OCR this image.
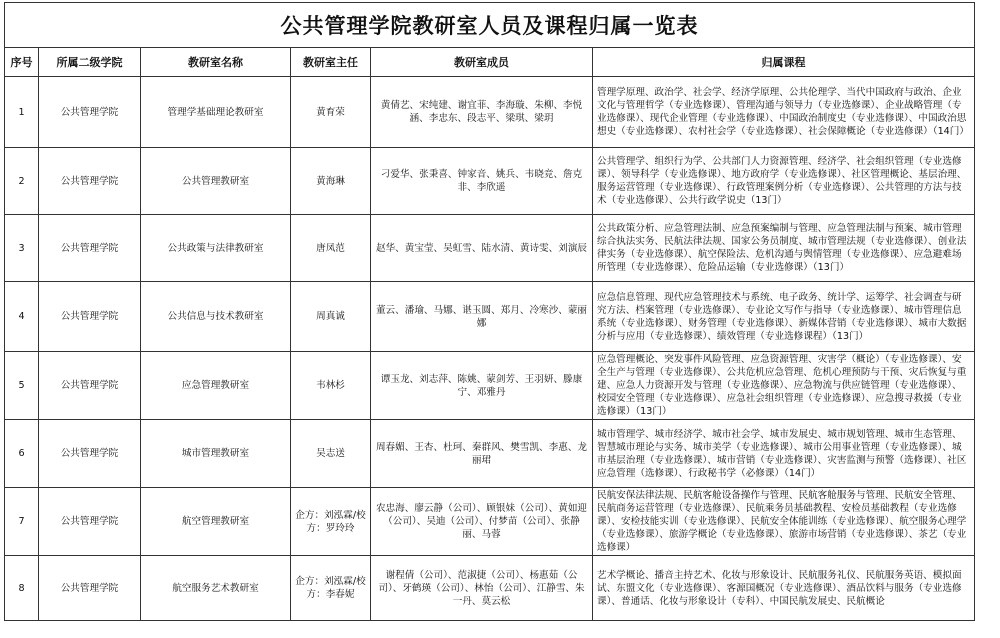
公共管理学院教研室人员及课程归属一览表					
序号	所属二级学院	教研室名称	教研室主任	教研室成员	归属课程
1	公共管理学院	管理学基础理论教研室	黄育荣	黄倩艺、宋纯建、谢宜菲、李海璇、朱柳、李悦涵、李忠东、段志平、梁琪、梁玥	管理学原理、政治学、社会学、经济学原理、公共伦理学、当代中国政府与政治、企业文化与管理哲学（专业选修课）、管理沟通与领导力（专业选修课）、企业战略管理（专业选修课）、现代企业管理（专业选修课）、中国政治制度史（专业选修课）、中国政治思想史（专业选修课）、农村社会学（专业选修课）、社会保障概论（专业选修课）（14门）
2	公共管理学院	公共管理教研室	黄海琳	刁爱华、张秉喜、钟家音、姚兵、韦晓竞、詹克非、李欣遥	公共管理学、组织行为学、公共部门人力资源管理、经济学、社会组织管理（专业选修课）、领导科学（专业选修课）、地方政府学（专业选修课）、社区管理概论、基层治理、服务运营管理（专业选修课）、行政管理案例分析（专业选修课）、公共管理的方法与技术（专业选修课）、公共行政学说史（13门）
3	公共管理学院	公共政策与法律教研室	唐凤范	赵华、黄宝莹、吴虹雪、陆水清、黄诗雯、刘演辰	公共政策分析、应急管理法制、应急预案编制与管理、应急管理法制与预案、城市管理综合执法实务、民航法律法规、国家公务员制度、城市管理法规（专业选修课）、创业法律实务（专业选修课）、航空保险法、危机沟通与舆情管理（专业选修课）、应急避难场所管理（专业选修课）、危险品运输（专业选修课）（13门）
4	公共管理学院	公共信息与技术教研室	周真诚	董云、潘瑜、马娜、谌玉圆、郑月、冷寒沙、蒙丽娜	应急信息管理、现代应急管理技术与系统、电子政务、统计学、运筹学、社会调查与研究方法、档案管理（专业选修课）、专业论文写作与指导（专业选修课）、城市管理信息系统（专业选修课）、财务管理（专业选修课）、新媒体营销（专业选修课）、城市大数据分析与应用（专业选修课）、绩效管理（专业选修课程）（13门）
5	公共管理学院	应急管理教研室	韦林杉	谭玉龙、刘志萍、陈姚、蒙剑芳、王羽妍、滕康宁、邓雅丹	应急管理概论、突发事件风险管理、应急资源管理、灾害学（概论）（专业选修课）、安全生产与管理（专业选修课）、公共危机应急管理、危机心理预防与干预、灾后恢复与重建、应急人力资源开发与管理（专业选修课）、应急物流与供应链管理（专业选修课）、校园安全管理（专业选修课）、应急社会组织管理（专业选修课）、应急搜寻救援（专业选修课）（13门）
6	公共管理学院	城市管理教研室	吴志送	周春媚、王杏、杜珂、秦群风、樊雪凯、李惠、龙丽珺	城市管理学、城市经济学、城市社会学、城市发展史、城市规划管理、城市生态管理、智慧城市理论与实务、城市美学（专业选修课）、城市公用事业管理（专业选修课）、城市基层治理（专业选修课）、城市营销（专业选修课）、灾害监测与预警（选修课）、社区应急管理（选修课）、行政秘书学（必修课）（14门）
7	公共管理学院	航空管理教研室	企方：刘泓霖/校方：罗玲玲	农忠海、廖云静（公司）、顾银妹（公司）、黄如迎（公司）、吴迪（公司）、付梦苗（公司）、张静丽、马蓉	民航安保法律法规、民航客舱设备操作与管理、民航客舱服务与管理、民航安全管理、民航商务运营管理（专业选修课）、民航乘务员基础教程、安检员基础教程（专业选修课）、安检技能实训（专业选修课）、民航安全体能训练（专业选修课）、航空服务心理学（专业选修课）、旅游学概论（专业选修课）、旅游市场营销（专业选修课）、茶艺（专业选修课）
8	公共管理学院	航空服务艺术教研室	企方：刘泓霖/校方：李春妮	谢程倩（公司）、范淑捷（公司）、杨惠茹（公司）、牙鹤瑛（公司）、林怡（公司）、江静雪、朱一丹、莫云松	艺术学概论、播音主持艺术、化妆与形象设计、民航服务礼仪、民航服务英语、模拟面试、东盟文化（专业选修课）、客源国概况（专业选修课）、酒品饮料与服务（专业选修课）、普通话、化妆与形象设计（专科）、中国民航发展史、民航概论
